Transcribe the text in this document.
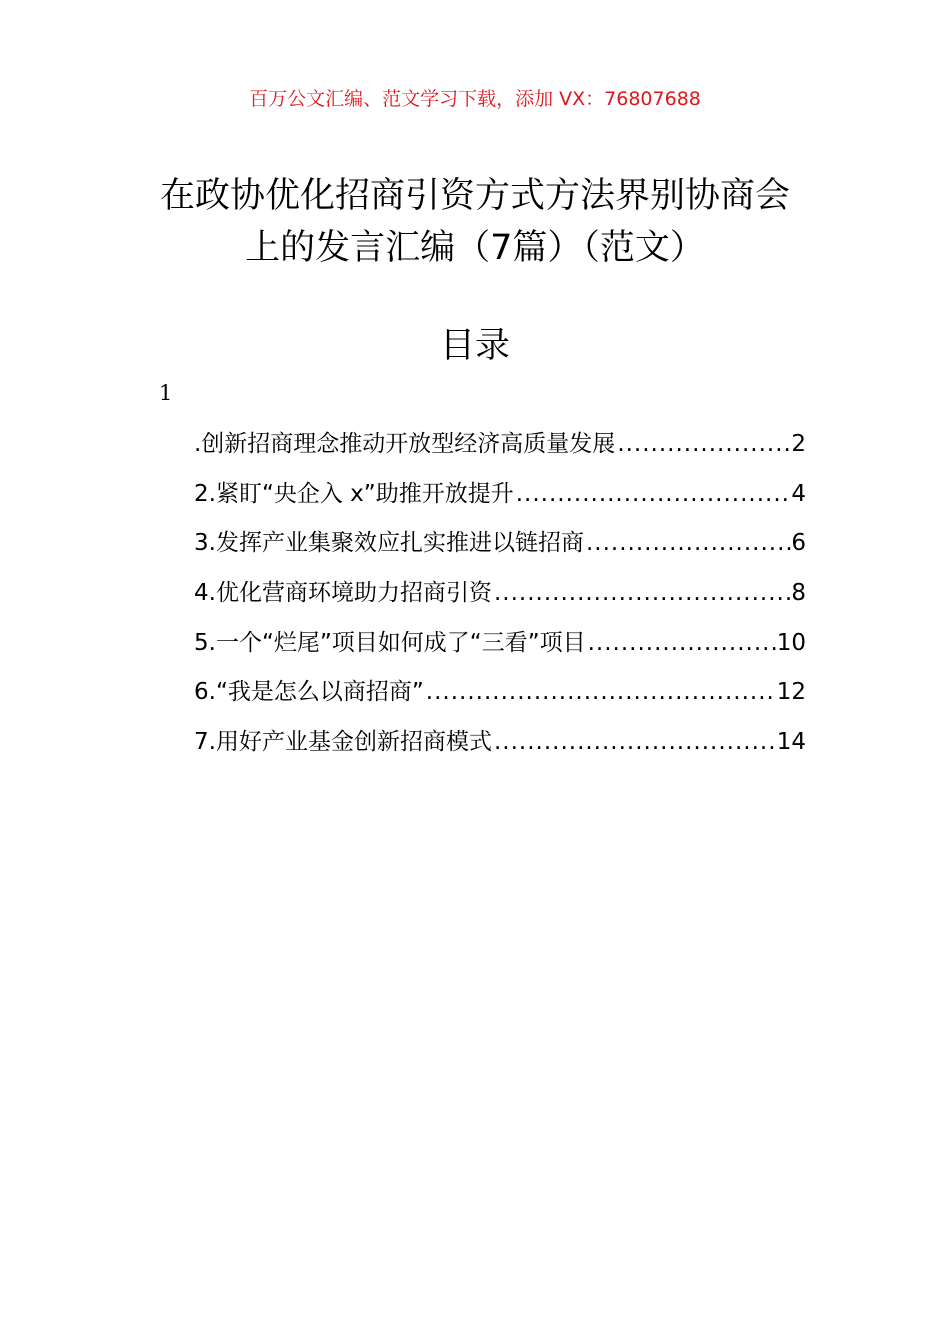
百万公文汇编、范文学习下载，添加 VX：76807688
在政协优化招商引资方式方法界别协商会
上的发言汇编（7篇）（范文）
目录
1
.创新招商理念推动开放型经济高质量发展 .....	2
2.紧盯“央企入 x”助推开放提升 .....	4
3.发挥产业集聚效应扎实推进以链招商 .....	6
4.优化营商环境助力招商引资 .....	8
5.一个“烂尾”项目如何成了“三看”项目 .....	10
6.“我是怎么以商招商” .....	12
7.用好产业基金创新招商模式 .....	14
